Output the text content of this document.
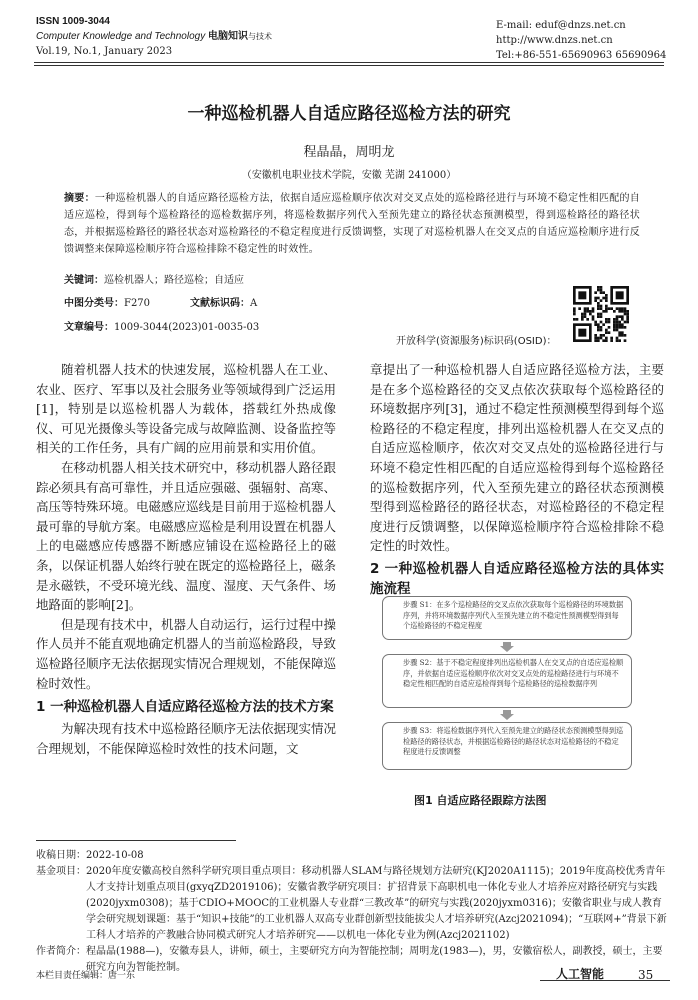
ISSN 1009-3044
Computer Knowledge and Technology 电脑知识与技术
Vol.19, No.1, January 2023
E-mail: eduf@dnzs.net.cn
http://www.dnzs.net.cn
Tel:+86-551-65690963 65690964
一种巡检机器人自适应路径巡检方法的研究
程晶晶，周明龙
（安徽机电职业技术学院，安徽 芜湖 241000）
摘要：一种巡检机器人的自适应路径巡检方法，依据自适应巡检顺序依次对交叉点处的巡检路径进行与环境不稳定性相匹配的自适应巡检，得到每个巡检路径的巡检数据序列，将巡检数据序列代入至预先建立的路径状态预测模型，得到巡检路径的路径状态，并根据巡检路径的路径状态对巡检路径的不稳定程度进行反馈调整，实现了对巡检机器人在交叉点的自适应巡检顺序进行反馈调整来保障巡检顺序符合巡检排除不稳定性的时效性。
关键词：巡检机器人；路径巡检；自适应
中图分类号：F270	文献标识码：A
文章编号：1009-3044(2023)01-0035-03
开放科学(资源服务)标识码(OSID)：

随着机器人技术的快速发展，巡检机器人在工业、农业、医疗、军事以及社会服务业等领域得到广泛运用[1]，特别是以巡检机器人为载体，搭载红外热成像仪、可见光摄像头等设备完成与故障监测、设备监控等相关的工作任务，具有广阔的应用前景和实用价值。

在移动机器人相关技术研究中，移动机器人路径跟踪必须具有高可靠性，并且适应强磁、强辐射、高寒、高压等特殊环境。电磁感应巡线是目前用于巡检机器人最可靠的导航方案。电磁感应巡检是利用设置在机器人上的电磁感应传感器不断感应铺设在巡检路径上的磁条，以保证机器人始终行驶在既定的巡检路径上，磁条是永磁铁，不受环境光线、温度、湿度、天气条件、场地路面的影响[2]。

但是现有技术中，机器人自动运行，运行过程中操作人员并不能直观地确定机器人的当前巡检路段，导致巡检路径顺序无法依据现实情况合理规划，不能保障巡检时效性。

1 一种巡检机器人自适应路径巡检方法的技术方案

为解决现有技术中巡检路径顺序无法依据现实情况合理规划，不能保障巡检时效性的技术问题，文

章提出了一种巡检机器人自适应路径巡检方法，主要是在多个巡检路径的交叉点依次获取每个巡检路径的环境数据序列[3]，通过不稳定性预测模型得到每个巡检路径的不稳定程度，排列出巡检机器人在交叉点的自适应巡检顺序，依次对交叉点处的巡检路径进行与环境不稳定性相匹配的自适应巡检得到每个巡检路径的巡检数据序列，代入至预先建立的路径状态预测模型得到巡检路径的路径状态，对巡检路径的不稳定程度进行反馈调整，以保障巡检顺序符合巡检排除不稳定性的时效性。

2 一种巡检机器人自适应路径巡检方法的具体实施流程
步骤 S1：在多个巡检路径的交叉点依次获取每个巡检路径的环境数据序列，并将环境数据序列代入至预先建立的不稳定性预测模型得到每个巡检路径的不稳定程度
步骤 S2：基于不稳定程度排列出巡检机器人在交叉点的自适应巡检顺序，并依据自适应巡检顺序依次对交叉点处的巡检路径进行与环境不稳定性相匹配的自适应巡检得到每个巡检路径的巡检数据序列
步骤 S3：将巡检数据序列代入至预先建立的路径状态预测模型得到巡检路径的路径状态，并根据巡检路径的路径状态对巡检路径的不稳定程度进行反馈调整
图1 自适应路径跟踪方法图
收稿日期： 2022-10-08
基金项目： 2020年度安徽高校自然科学研究项目重点项目：移动机器人SLAM与路径规划方法研究(KJ2020A1115)；2019年度高校优秀青年人才支持计划重点项目(gxyqZD2019106)；安徽省教学研究项目：扩招背景下高职机电一体化专业人才培养应对路径研究与实践(2020jyxm0308)；基于CDIO+MOOC的工业机器人专业群“三教改革”的研究与实践(2020jyxm0316)；安徽省职业与成人教育学会研究规划课题：基于“知识+技能”的工业机器人双高专业群创新型技能拔尖人才培养研究(Azcj2021094)；“互联网+”背景下新工科人才培养的产教融合协同模式研究人才培养研究——以机电一体化专业为例(Azcj2021102)
作者简介： 程晶晶(1988—)，安徽寿县人，讲师，硕士，主要研究方向为智能控制；周明龙(1983—)，男，安徽宿松人，副教授，硕士，主要研究方向为智能控制。
本栏目责任编辑：唐一东	人工智能	35
